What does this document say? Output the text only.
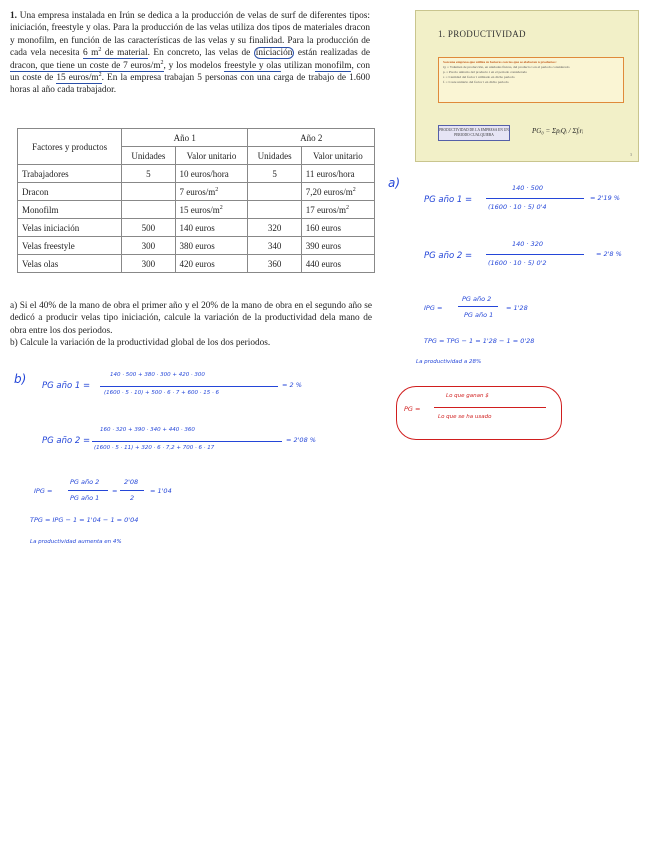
1. Una empresa instalada en Irún se dedica a la producción de velas de surf de diferentes tipos: iniciación, freestyle y olas. Para la producción de las velas utiliza dos tipos de materiales dracon y monofilm, en función de las características de las velas y su finalidad. Para la producción de cada vela necesita 6 $m^2$ de material. En concreto, las velas de iniciación están realizadas de dracon, que tiene un coste de 7 euros/$m^2$, y los modelos freestyle y olas utilizan monofilm, con un coste de 15 euros/$m^2$. En la empresa trabajan 5 personas con una carga de trabajo de 1.600 horas al año cada trabajador.
Factores y productos	Año 1		Año 2	
	Unidades	Valor unitario	Unidades	Valor unitario
Trabajadores	5	10 euros/hora	5	11 euros/hora
Dracon		7 euros/$m^2$		7,20 euros/$m^2$
Monofilm		15 euros/$m^2$		17 euros/$m^2$
Velas iniciación	500	140 euros	320	160 euros
Velas freestyle	300	380 euros	340	390 euros
Velas olas	300	420 euros	360	440 euros
a) Si el 40% de la mano de obra el primer año y el 20% de la mano de obra en el segundo año se dedicó a producir velas tipo iniciación, calcule la variación de la productividad dela mano de obra entre los dos periodos.
b) Calcule la variación de la productividad global de los dos periodos.
1. PRODUCTIVIDAD
Son una empresa que utiliza m factores con los que se elaboran n productos:
Qᵢ = Volumen de producción, en unidades físicas, del producto i en el periodo considerado
pᵢ = Precio unitario del producto i en el periodo considerado
rᵢ = Cantidad del factor i utilizado en dicho periodo
fᵢ = Coste unitario del factor i en dicho periodo
PRODUCTIVIDAD DE LA EMPRESA EN UN PERIODO CUALQUIERA	PG₀ = ΣpᵢQᵢ / Σfᵢrᵢ
3
a)
PG año 1 =
140 · 500
(1600 · 10 · 5) 0'4
= 2'19 %
PG año 2 =
140 · 320
(1600 · 10 · 5) 0'2
= 2'8 %
IPG =
PG año 2
PG año 1
= 1'28
TPG = TPG − 1 = 1'28 − 1 = 0'28
La productividad a 28%
PG =
Lo que ganan $
Lo que se ha usado
b) PG año 1 =
140 · 500 + 380 · 300 + 420 · 300
(1600 · 5 · 10) + 500 · 6 · 7 + 600 · 15 · 6
= 2 %
PG año 2 =
160 · 320 + 390 · 340 + 440 · 360
(1600 · 5 · 11) + 320 · 6 · 7,2 + 700 · 6 · 17
= 2'08 %
IPG =
PG año 2
PG año 1
=
2'08
2
= 1'04
TPG = IPG − 1 = 1'04 − 1 = 0'04
La productividad aumenta en 4%
